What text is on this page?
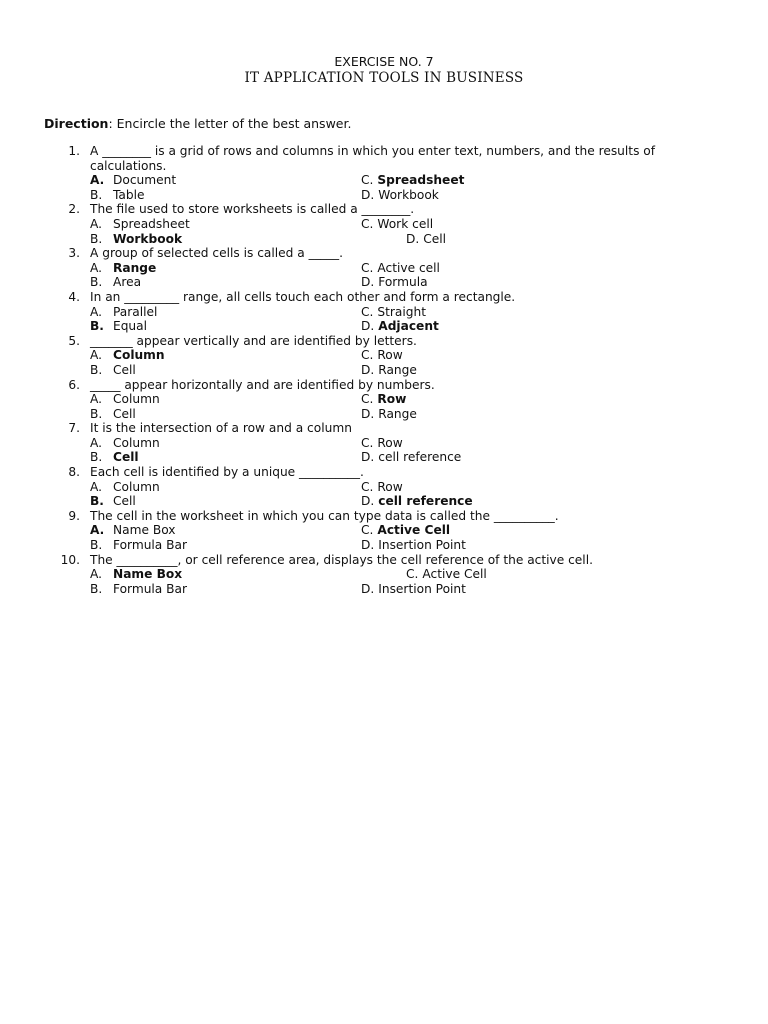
EXERCISE NO. 7
IT APPLICATION TOOLS IN BUSINESS
Direction: Encircle the letter of the best answer.
1. A ________ is a grid of rows and columns in which you enter text, numbers, and the results of calculations.
A. Document	C. Spreadsheet
B. Table	D. Workbook
2. The file used to store worksheets is called a ________.
A. Spreadsheet	C. Work cell
B. Workbook	D. Cell
3. A group of selected cells is called a _____.
A. Range	C. Active cell
B. Area	D. Formula
4. In an _________ range, all cells touch each other and form a rectangle.
A. Parallel	C. Straight
B. Equal	D. Adjacent
5. _______ appear vertically and are identified by letters.
A. Column	C. Row
B. Cell	D. Range
6. _____ appear horizontally and are identified by numbers.
A. Column	C. Row
B. Cell	D. Range
7. It is the intersection of a row and a column
A. Column	C. Row
B. Cell	D. cell reference
8. Each cell is identified by a unique __________.
A. Column	C. Row
B. Cell	D. cell reference
9. The cell in the worksheet in which you can type data is called the __________.
A. Name Box	C. Active Cell
B. Formula Bar	D. Insertion Point
10. The __________, or cell reference area, displays the cell reference of the active cell.
A. Name Box	C. Active Cell
B. Formula Bar	D. Insertion Point
